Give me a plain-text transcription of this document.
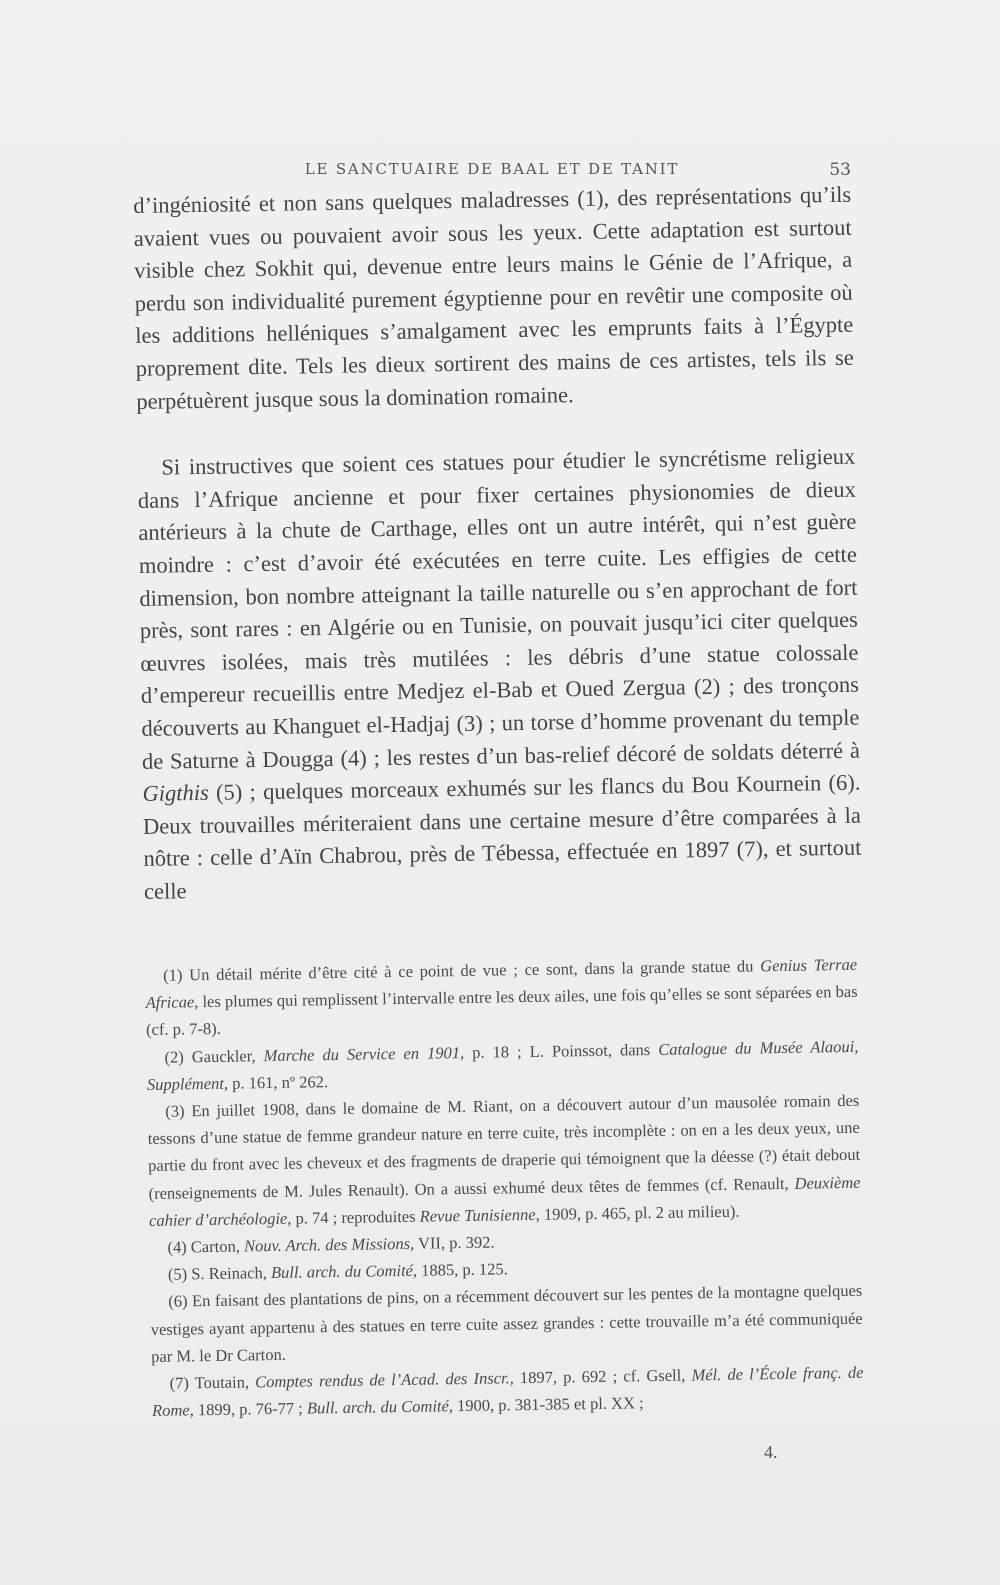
LE SANCTUAIRE DE BAAL ET DE TANIT	53

d’ingéniosité et non sans quelques maladresses (1), des représentations qu’ils avaient vues ou pouvaient avoir sous les yeux. Cette adaptation est surtout visible chez Sokhit qui, devenue entre leurs mains le Génie de l’Afrique, a perdu son individualité purement égyptienne pour en revêtir une composite où les additions helléniques s’amalgament avec les emprunts faits à l’Égypte proprement dite. Tels les dieux sortirent des mains de ces artistes, tels ils se perpétuèrent jusque sous la domination romaine.

Si instructives que soient ces statues pour étudier le syncrétisme religieux dans l’Afrique ancienne et pour fixer certaines physionomies de dieux antérieurs à la chute de Carthage, elles ont un autre intérêt, qui n’est guère moindre : c’est d’avoir été exécutées en terre cuite. Les effigies de cette dimension, bon nombre atteignant la taille naturelle ou s’en approchant de fort près, sont rares : en Algérie ou en Tunisie, on pouvait jusqu’ici citer quelques œuvres isolées, mais très mutilées : les débris d’une statue colossale d’empereur recueillis entre Medjez el-Bab et Oued Zergua (2) ; des tronçons découverts au Khanguet el-Hadjaj (3) ; un torse d’homme provenant du temple de Saturne à Dougga (4) ; les restes d’un bas-relief décoré de soldats déterré à Gigthis (5) ; quelques morceaux exhumés sur les flancs du Bou Kournein (6). Deux trouvailles mériteraient dans une certaine mesure d’être comparées à la nôtre : celle d’Aïn Chabrou, près de Tébessa, effectuée en 1897 (7), et surtout celle

(1) Un détail mérite d’être cité à ce point de vue ; ce sont, dans la grande statue du Genius Terrae Africae, les plumes qui remplissent l’intervalle entre les deux ailes, une fois qu’elles se sont séparées en bas (cf. p. 7-8).

(2) Gauckler, Marche du Service en 1901, p. 18 ; L. Poinssot, dans Catalogue du Musée Alaoui, Supplément, p. 161, nº 262.

(3) En juillet 1908, dans le domaine de M. Riant, on a découvert autour d’un mausolée romain des tessons d’une statue de femme grandeur nature en terre cuite, très incomplète : on en a les deux yeux, une partie du front avec les cheveux et des fragments de draperie qui témoignent que la déesse (?) était debout (renseignements de M. Jules Renault). On a aussi exhumé deux têtes de femmes (cf. Renault, Deuxième cahier d’archéologie, p. 74 ; reproduites Revue Tunisienne, 1909, p. 465, pl. 2 au milieu).

(4) Carton, Nouv. Arch. des Missions, VII, p. 392.

(5) S. Reinach, Bull. arch. du Comité, 1885, p. 125.

(6) En faisant des plantations de pins, on a récemment découvert sur les pentes de la montagne quelques vestiges ayant appartenu à des statues en terre cuite assez grandes : cette trouvaille m’a été communiquée par M. le Dr Carton.

(7) Toutain, Comptes rendus de l’Acad. des Inscr., 1897, p. 692 ; cf. Gsell, Mél. de l’École franç. de Rome, 1899, p. 76-77 ; Bull. arch. du Comité, 1900, p. 381-385 et pl. XX ;

4.
